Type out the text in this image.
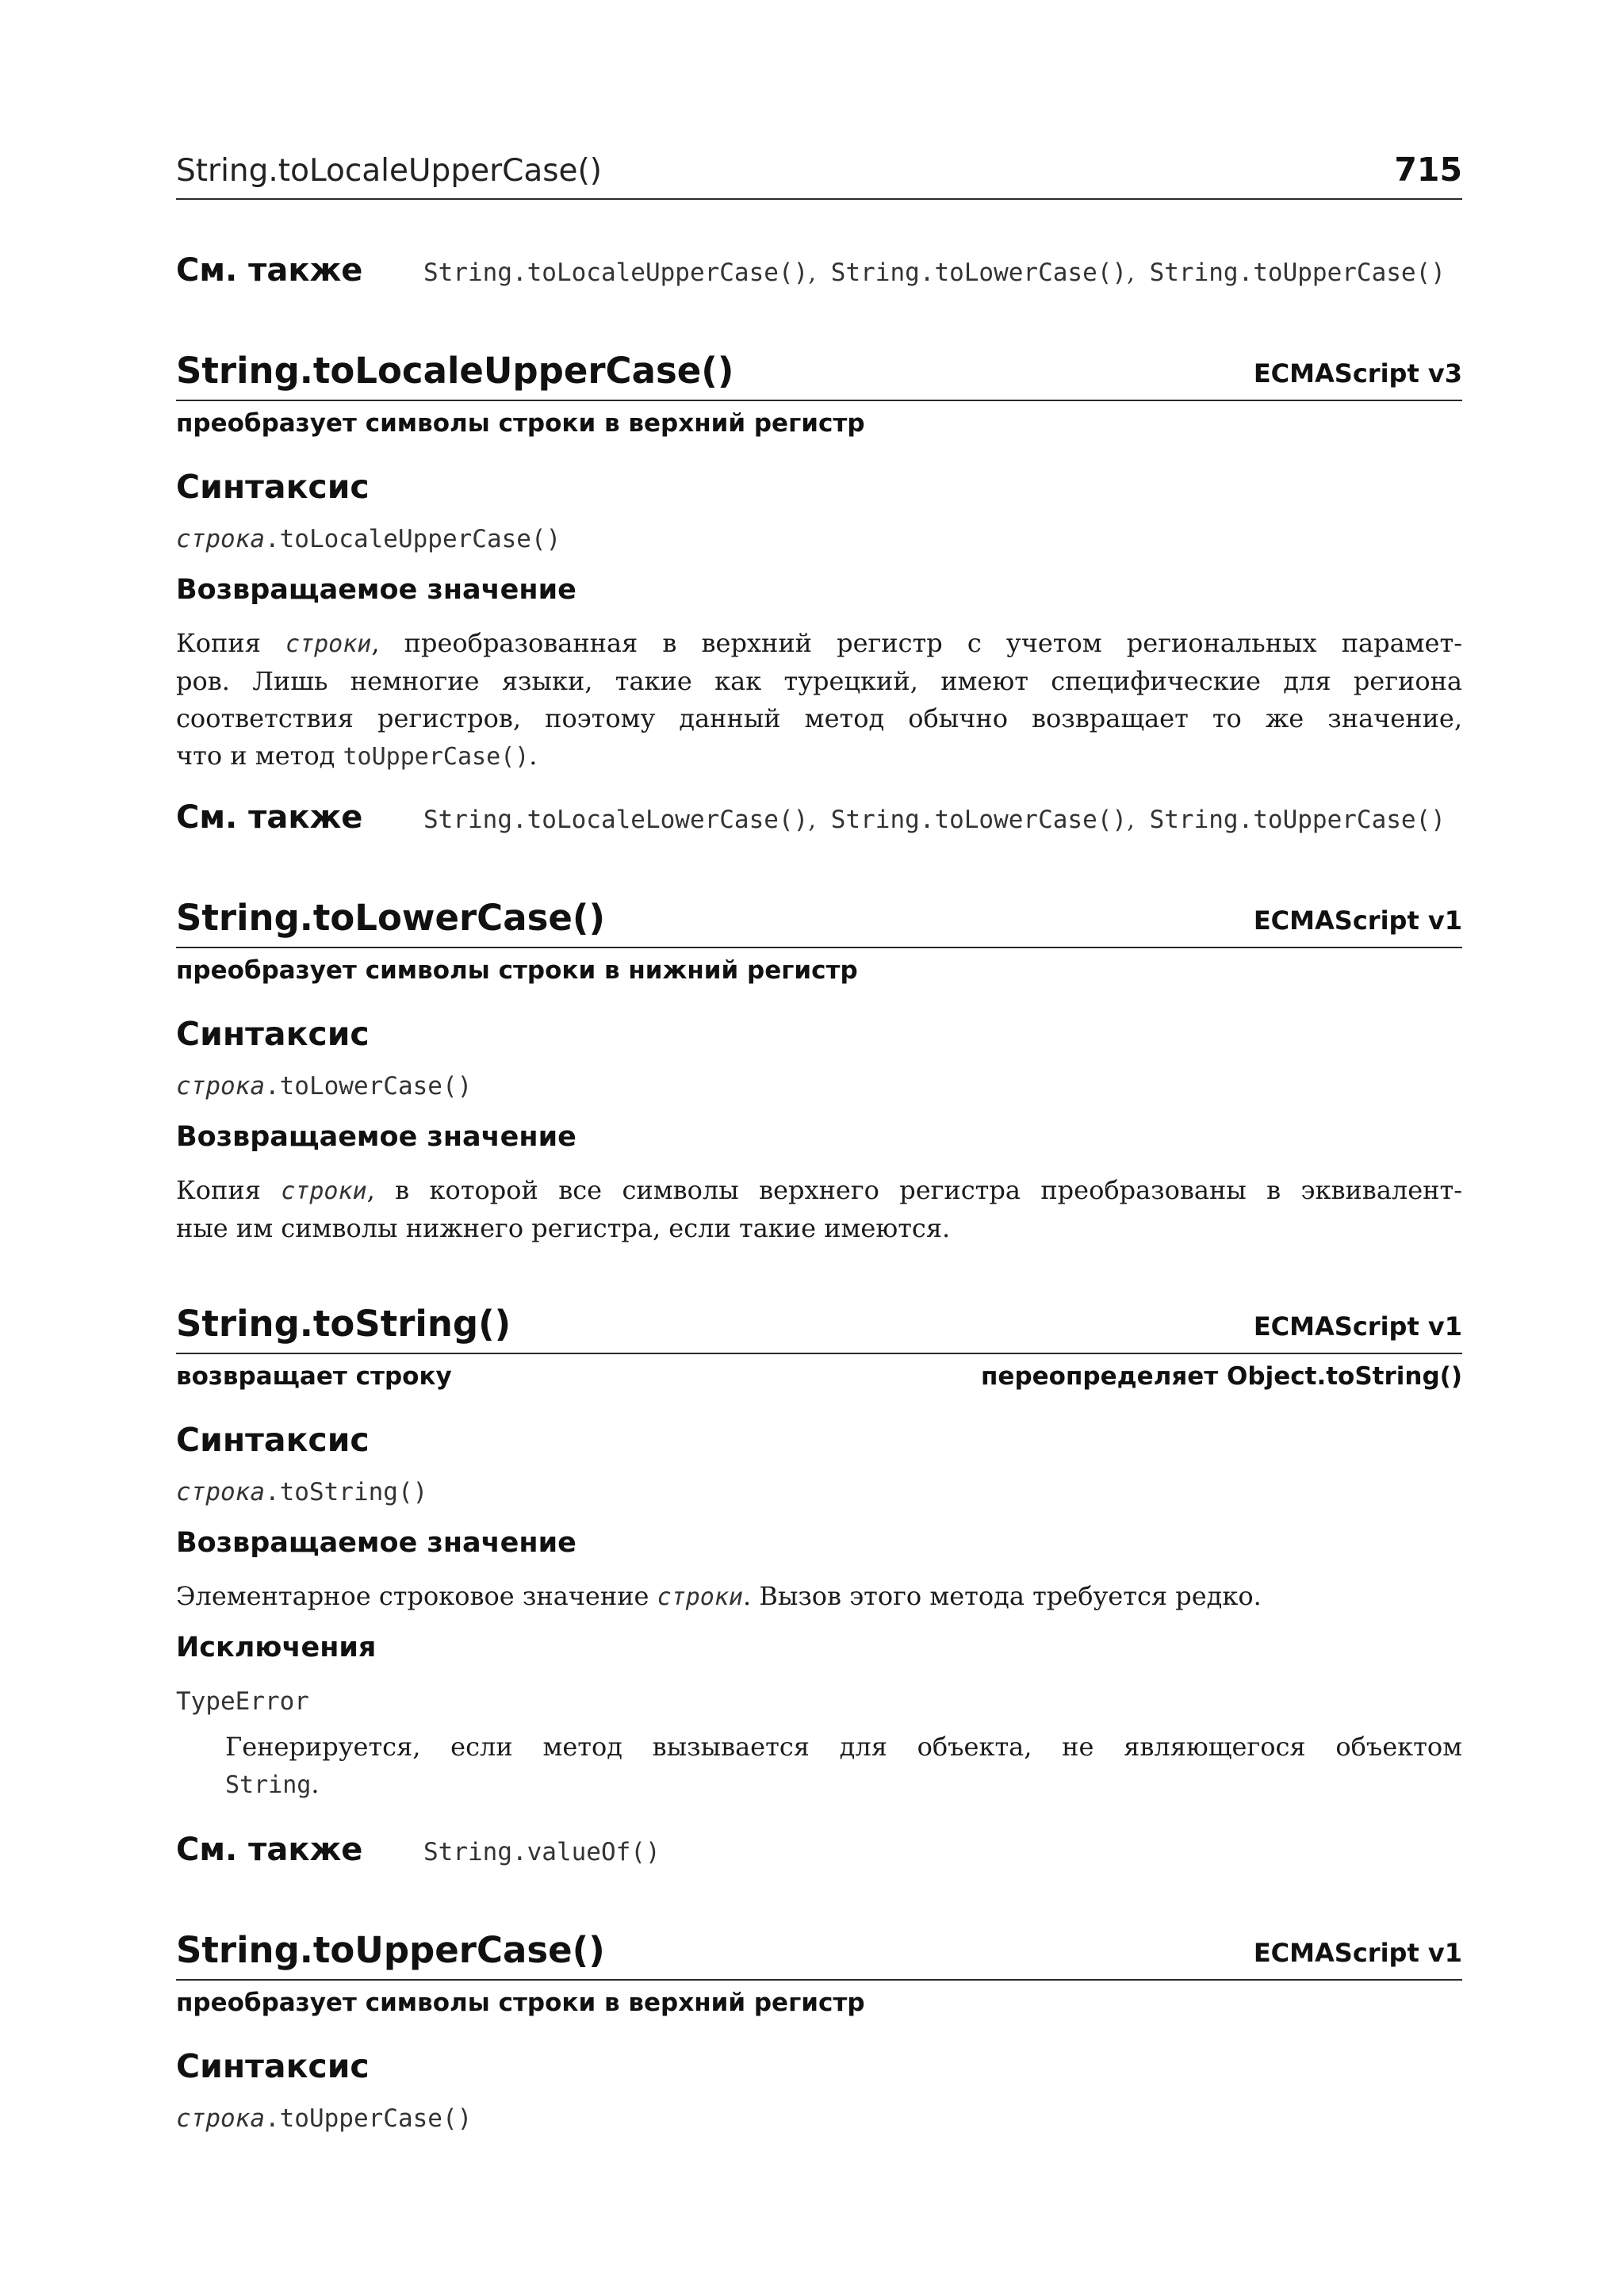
String.toLocaleUpperCase()	715
См. также String.toLocaleUpperCase(), String.toLowerCase(), String.toUpperCase()
String.toLocaleUpperCase()	ECMAScript v3
преобразует символы строки в верхний регистр
Синтаксис
строка.toLocaleUpperCase()
Возвращаемое значение
Копия строки, преобразованная в верхний регистр с учетом региональных парамет-
ров. Лишь немногие языки, такие как турецкий, имеют специфические для региона
соответствия регистров, поэтому данный метод обычно возвращает то же значение,
что и метод toUpperCase().
См. также String.toLocaleLowerCase(), String.toLowerCase(), String.toUpperCase()
String.toLowerCase()	ECMAScript v1
преобразует символы строки в нижний регистр
Синтаксис
строка.toLowerCase()
Возвращаемое значение
Копия строки, в которой все символы верхнего регистра преобразованы в эквивалент-
ные им символы нижнего регистра, если такие имеются.
String.toString()	ECMAScript v1
возвращает строку	переопределяет Object.toString()
Синтаксис
строка.toString()
Возвращаемое значение
Элементарное строковое значение строки. Вызов этого метода требуется редко.
Исключения
TypeError
Генерируется, если метод вызывается для объекта, не являющегося объектом
String.
См. также String.valueOf()
String.toUpperCase()	ECMAScript v1
преобразует символы строки в верхний регистр
Синтаксис
строка.toUpperCase()
